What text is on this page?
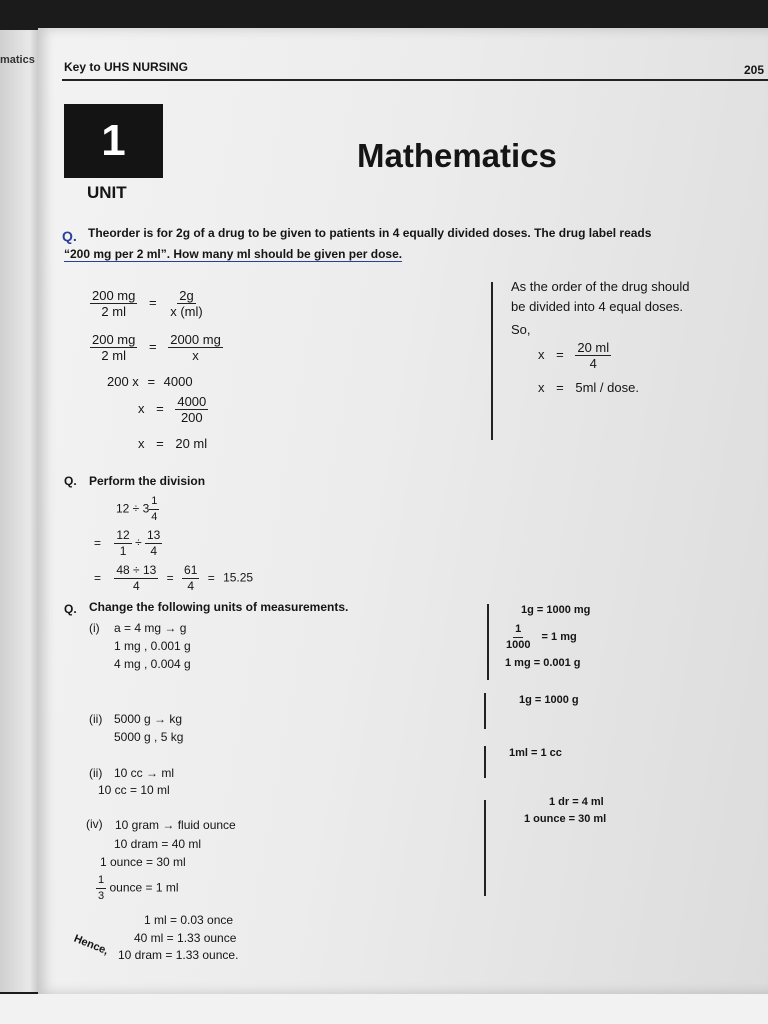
matics Key to UHS NURSING	205
1
UNIT
Mathematics
Q. Theorder is for 2g of a drug to be given to patients in 4 equally divided doses. The drug label reads
“200 mg per 2 ml”. How many ml should be given per dose.
$\frac{200 mg}{2 ml} = \frac{2g}{x (ml)}$
$\frac{200 mg}{2 ml} = \frac{2000 mg}{x}$
200 x = 4000
$x = \frac{4000}{200}$
x = 20 ml
As the order of the drug should
be divided into 4 equal doses.
So,
$x = \frac{20 ml}{4}$
x = 5ml / dose.
Q. Perform the division
$12 \div 3 \frac{1}{4}$
= $\frac{12}{1} \div \frac{13}{4}$
= $\frac{48 \div 13}{4} = \frac{61}{4} = 15.25$
Q. Change the following units of measurements.
(i) a = 4 mg → g
1 mg , 0.001 g
4 mg , 0.004 g
(ii) 5000 g → kg
5000 g , 5 kg
(ii) 10 cc → ml
10 cc = 10 ml
(iv) 10 gram → fluid ounce
10 dram = 40 ml
1 ounce = 30 ml
$\frac{1}{3}$ ounce = 1 ml
1 ml = 0.03 once
40 ml = 1.33 ounce
10 dram = 1.33 ounce.
Hence,
1g = 1000 mg
$\frac{1}{1000} = 1$ mg
1 mg = 0.001 g
1g = 1000 g
1ml = 1 cc
1 dr = 4 ml
1 ounce = 30 ml
